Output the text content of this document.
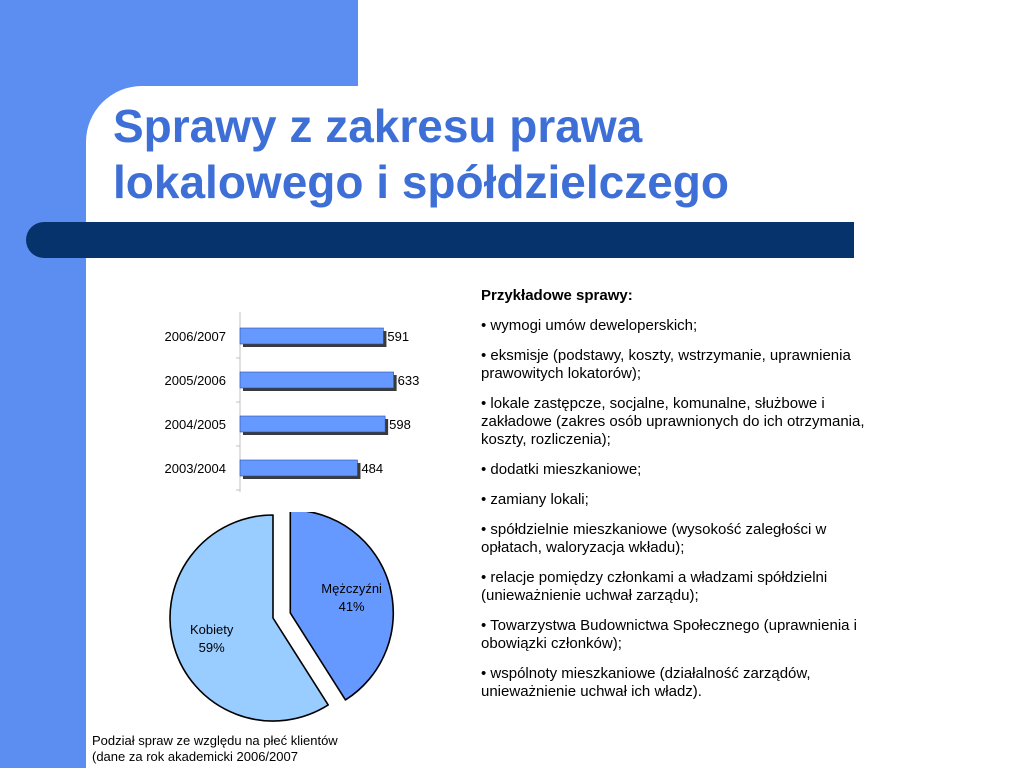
Sprawy z zakresu prawa
lokalowego i spółdzielczego
2006/2007	591
2005/2006	633
2004/2005	598
2003/2004	484
Kobiety
59%
Mężczyźni
41%
Podział spraw ze względu na płeć klientów
(dane za rok akademicki 2006/2007
Przykładowe sprawy:
• wymogi umów deweloperskich;
• eksmisje (podstawy, koszty, wstrzymanie, uprawnienia prawowitych lokatorów);
• lokale zastępcze, socjalne, komunalne, służbowe i zakładowe (zakres osób uprawnionych do ich otrzymania, koszty, rozliczenia);
• dodatki mieszkaniowe;
• zamiany lokali;
• spółdzielnie mieszkaniowe (wysokość zaległości w opłatach, waloryzacja wkładu);
• relacje pomiędzy członkami a władzami spółdzielni (unieważnienie uchwał zarządu);
• Towarzystwa Budownictwa Społecznego (uprawnienia i obowiązki członków);
• wspólnoty mieszkaniowe (działalność zarządów, unieważnienie uchwał ich władz).
